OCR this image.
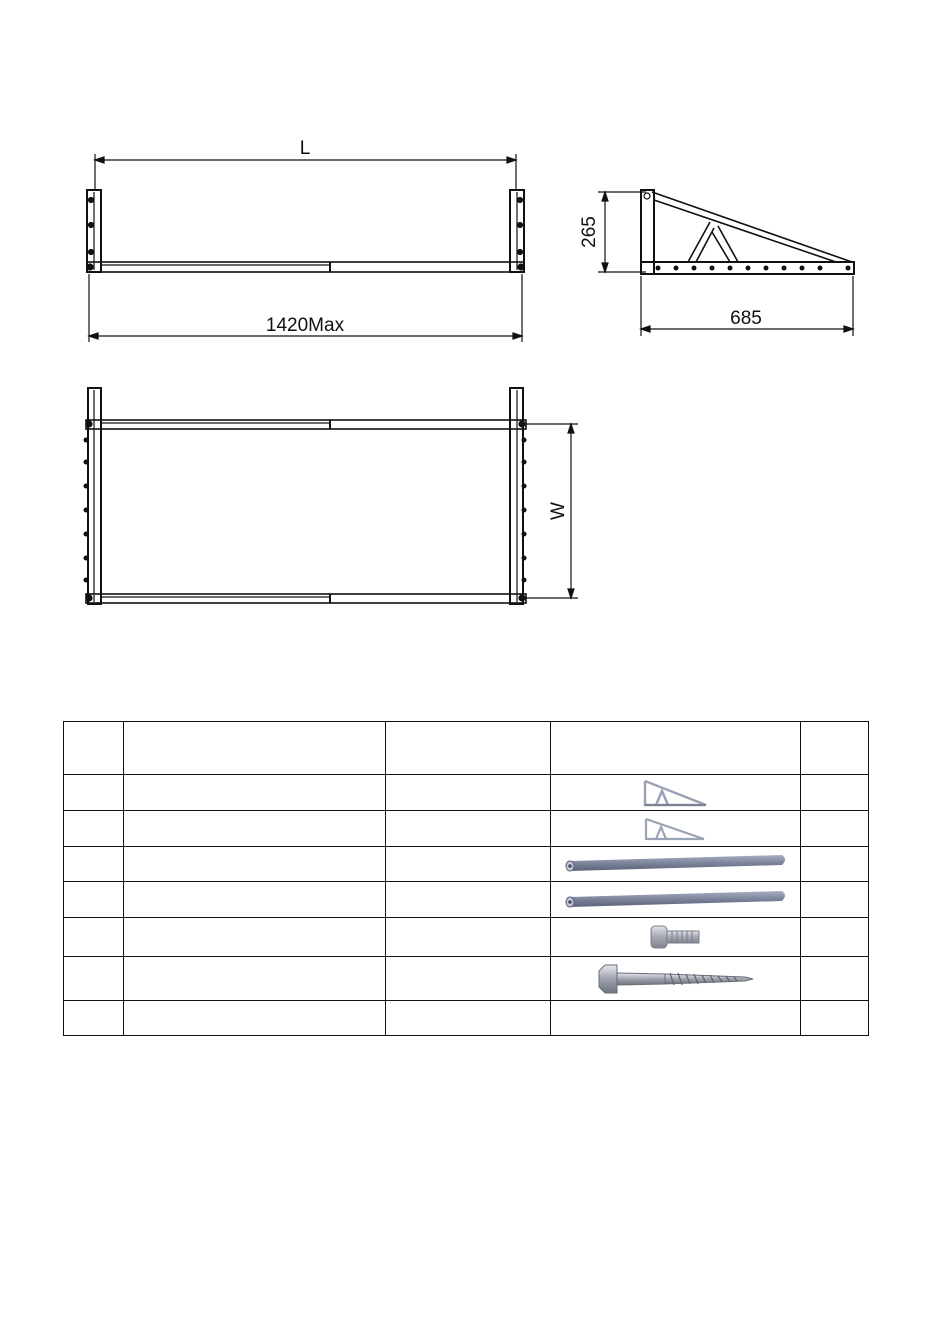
L
1420Max
265
685
W
